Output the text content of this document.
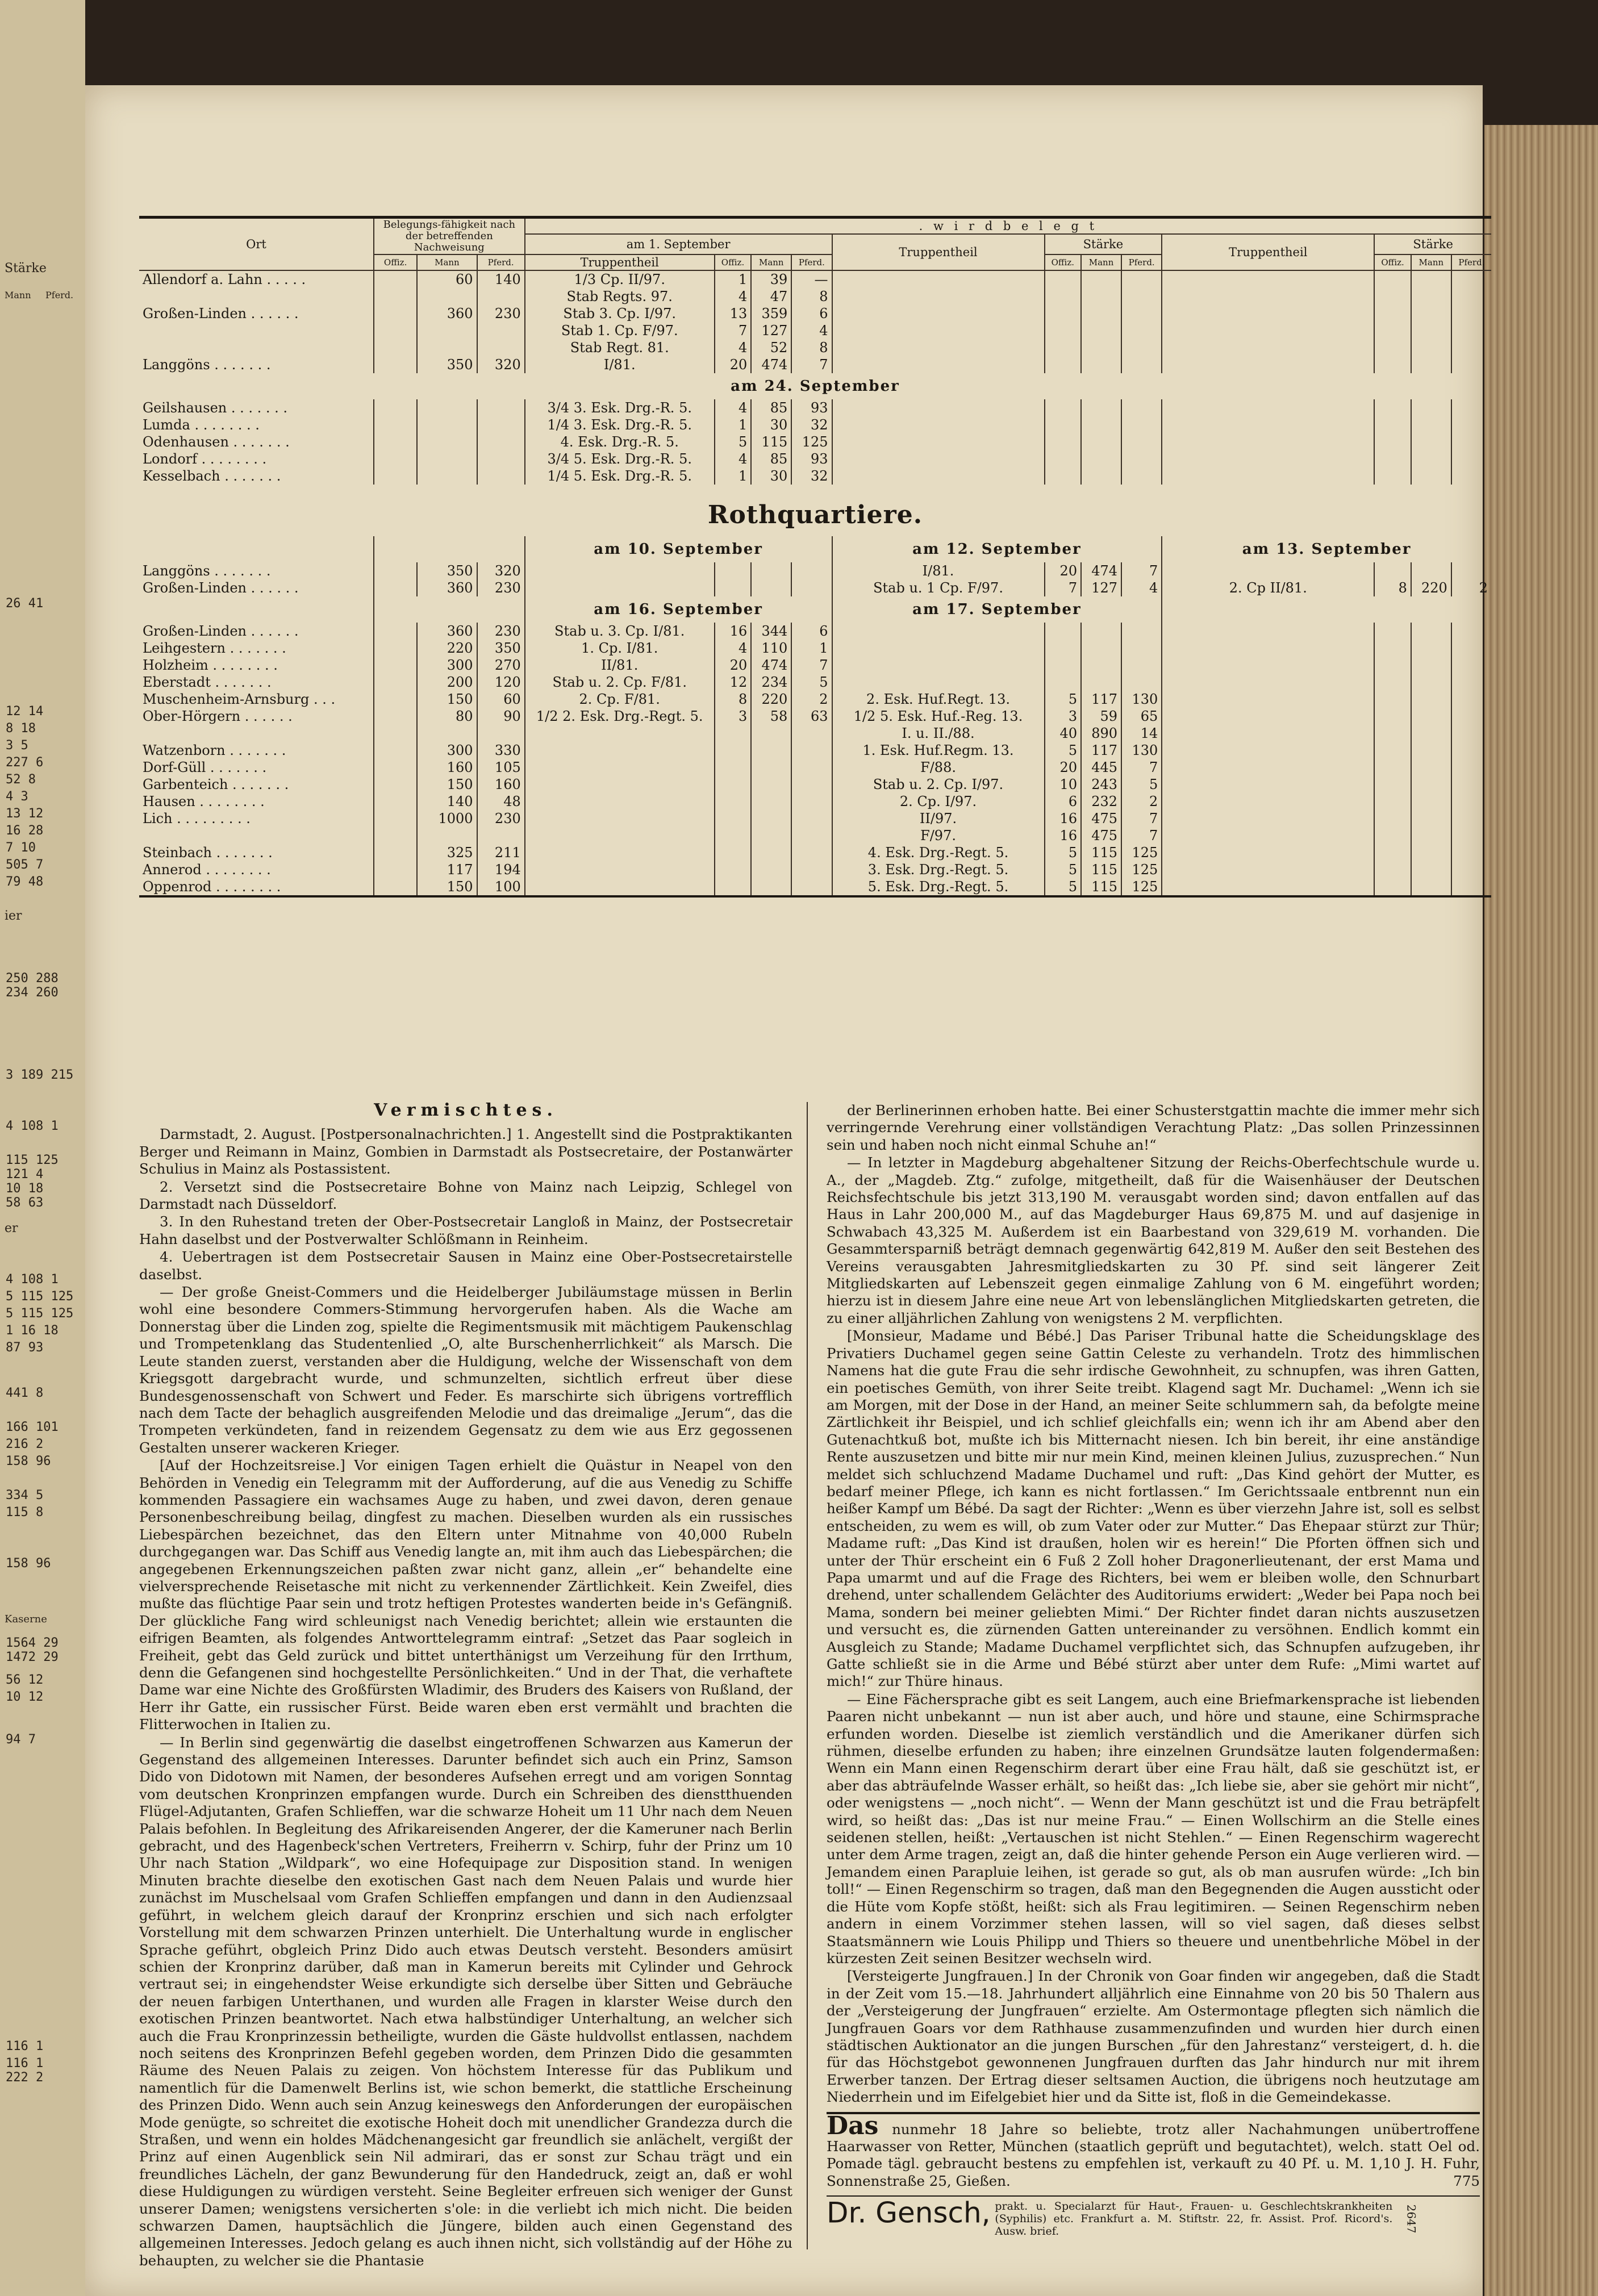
Stärke
Mann Pferd.
ier
er
Kaserne
26 41
12 14
8 18
3 5
227 6
52 8
4 3
13 12
16 28
7 10
505 7
79 48
250 288
234 260
3 189 215
4 108 1
115 125
121 4
10 18
58 63
4 108 1
5 115 125
5 115 125
1 16 18
87 93
441 8
166 101
216 2
158 96
334 5
115 8
158 96
1564 29
1472 29
56 12
10 12
94 7
116 1
116 1
222 2
Ort	Belegungs-fähigkeit nach der betreffenden Nachweisung			. w i r d b e l e g t											
				am 1. September				Truppentheil	Stärke			Truppentheil	Stärke		
	Offiz.	Mann	Pferd.	Truppentheil	Offiz.	Mann	Pferd.		Offiz.	Mann	Pferd.		Offiz.	Mann	Pferd.
Allendorf a. Lahn . . . . .		60	140	1/3 Cp. II/97.	1	39	—								
				Stab Regts. 97.	4	47	8								
Großen-Linden . . . . . .		360	230	Stab 3. Cp. I/97.	13	359	6								
				Stab 1. Cp. F/97.	7	127	4								
				Stab Regt. 81.	4	52	8								
Langgöns . . . . . . .		350	320	I/81.	20	474	7								
am 24. September															
Geilshausen . . . . . . .				3/4 3. Esk. Drg.-R. 5.	4	85	93								
Lumda . . . . . . . .				1/4 3. Esk. Drg.-R. 5.	1	30	32								
Odenhausen . . . . . . .				4. Esk. Drg.-R. 5.	5	115	125								
Londorf . . . . . . . .				3/4 5. Esk. Drg.-R. 5.	4	85	93								
Kesselbach . . . . . . .				1/4 5. Esk. Drg.-R. 5.	1	30	32								
Rothquartiere.															
				am 10. September				am 12. September				am 13. September			
Langgöns . . . . . . .		350	320					I/81.	20	474	7				
Großen-Linden . . . . . .		360	230					Stab u. 1 Cp. F/97.	7	127	4	2. Cp II/81.	8	220	2
				am 16. September				am 17. September							
Großen-Linden . . . . . .		360	230	Stab u. 3. Cp. I/81.	16	344	6								
Leihgestern . . . . . . .		220	350	1. Cp. I/81.	4	110	1								
Holzheim . . . . . . . .		300	270	II/81.	20	474	7								
Eberstadt . . . . . . .		200	120	Stab u. 2. Cp. F/81.	12	234	5								
Muschenheim-Arnsburg . . .		150	60	2. Cp. F/81.	8	220	2	2. Esk. Huf.Regt. 13.	5	117	130				
Ober-Hörgern . . . . . .		80	90	1/2 2. Esk. Drg.-Regt. 5.	3	58	63	1/2 5. Esk. Huf.-Reg. 13.	3	59	65				
								I. u. II./88.	40	890	14				
Watzenborn . . . . . . .		300	330					1. Esk. Huf.Regm. 13.	5	117	130				
Dorf-Güll . . . . . . .		160	105					F/88.	20	445	7				
Garbenteich . . . . . . .		150	160					Stab u. 2. Cp. I/97.	10	243	5				
Hausen . . . . . . . .		140	48					2. Cp. I/97.	6	232	2				
Lich . . . . . . . . .		1000	230					II/97.	16	475	7				
								F/97.	16	475	7				
Steinbach . . . . . . .		325	211					4. Esk. Drg.-Regt. 5.	5	115	125				
Annerod . . . . . . . .		117	194					3. Esk. Drg.-Regt. 5.	5	115	125				
Oppenrod . . . . . . . .		150	100					5. Esk. Drg.-Regt. 5.	5	115	125				
Vermischtes.

Darmstadt, 2. August. [Postpersonalnachrichten.] 1. Angestellt sind die Postpraktikanten Berger und Reimann in Mainz, Gombien in Darmstadt als Postsecretaire, der Postanwärter Schulius in Mainz als Postassistent.

2. Versetzt sind die Postsecretaire Bohne von Mainz nach Leipzig, Schlegel von Darmstadt nach Düsseldorf.

3. In den Ruhestand treten der Ober-Postsecretair Langloß in Mainz, der Postsecretair Hahn daselbst und der Postverwalter Schlößmann in Reinheim.

4. Uebertragen ist dem Postsecretair Sausen in Mainz eine Ober-Postsecretairstelle daselbst.

— Der große Gneist-Commers und die Heidelberger Jubiläumstage müssen in Berlin wohl eine besondere Commers-Stimmung hervorgerufen haben. Als die Wache am Donnerstag über die Linden zog, spielte die Regimentsmusik mit mächtigem Paukenschlag und Trompetenklang das Studentenlied „O, alte Burschenherrlichkeit“ als Marsch. Die Leute standen zuerst, verstanden aber die Huldigung, welche der Wissenschaft von dem Kriegsgott dargebracht wurde, und schmunzelten, sichtlich erfreut über diese Bundesgenossenschaft von Schwert und Feder. Es marschirte sich übrigens vortrefflich nach dem Tacte der behaglich ausgreifenden Melodie und das dreimalige „Jerum“, das die Trompeten verkündeten, fand in reizendem Gegensatz zu dem wie aus Erz gegossenen Gestalten unserer wackeren Krieger.

[Auf der Hochzeitsreise.] Vor einigen Tagen erhielt die Quästur in Neapel von den Behörden in Venedig ein Telegramm mit der Aufforderung, auf die aus Venedig zu Schiffe kommenden Passagiere ein wachsames Auge zu haben, und zwei davon, deren genaue Personenbeschreibung beilag, dingfest zu machen. Dieselben wurden als ein russisches Liebespärchen bezeichnet, das den Eltern unter Mitnahme von 40,000 Rubeln durchgegangen war. Das Schiff aus Venedig langte an, mit ihm auch das Liebespärchen; die angegebenen Erkennungszeichen paßten zwar nicht ganz, allein „er“ behandelte eine vielversprechende Reisetasche mit nicht zu verkennender Zärtlichkeit. Kein Zweifel, dies mußte das flüchtige Paar sein und trotz heftigen Protestes wanderten beide in's Gefängniß. Der glückliche Fang wird schleunigst nach Venedig berichtet; allein wie erstaunten die eifrigen Beamten, als folgendes Antworttelegramm eintraf: „Setzet das Paar sogleich in Freiheit, gebt das Geld zurück und bittet unterthänigst um Verzeihung für den Irrthum, denn die Gefangenen sind hochgestellte Persönlichkeiten.“ Und in der That, die verhaftete Dame war eine Nichte des Großfürsten Wladimir, des Bruders des Kaisers von Rußland, der Herr ihr Gatte, ein russischer Fürst. Beide waren eben erst vermählt und brachten die Flitterwochen in Italien zu.

— In Berlin sind gegenwärtig die daselbst eingetroffenen Schwarzen aus Kamerun der Gegenstand des allgemeinen Interesses. Darunter befindet sich auch ein Prinz, Samson Dido von Didotown mit Namen, der besonderes Aufsehen erregt und am vorigen Sonntag vom deutschen Kronprinzen empfangen wurde. Durch ein Schreiben des dienstthuenden Flügel-Adjutanten, Grafen Schlieffen, war die schwarze Hoheit um 11 Uhr nach dem Neuen Palais befohlen. In Begleitung des Afrikareisenden Angerer, der die Kameruner nach Berlin gebracht, und des Hagenbeck'schen Vertreters, Freiherrn v. Schirp, fuhr der Prinz um 10 Uhr nach Station „Wildpark“, wo eine Hofequipage zur Disposition stand. In wenigen Minuten brachte dieselbe den exotischen Gast nach dem Neuen Palais und wurde hier zunächst im Muschelsaal vom Grafen Schlieffen empfangen und dann in den Audienzsaal geführt, in welchem gleich darauf der Kronprinz erschien und sich nach erfolgter Vorstellung mit dem schwarzen Prinzen unterhielt. Die Unterhaltung wurde in englischer Sprache geführt, obgleich Prinz Dido auch etwas Deutsch versteht. Besonders amüsirt schien der Kronprinz darüber, daß man in Kamerun bereits mit Cylinder und Gehrock vertraut sei; in eingehendster Weise erkundigte sich derselbe über Sitten und Gebräuche der neuen farbigen Unterthanen, und wurden alle Fragen in klarster Weise durch den exotischen Prinzen beantwortet. Nach etwa halbstündiger Unterhaltung, an welcher sich auch die Frau Kronprinzessin betheiligte, wurden die Gäste huldvollst entlassen, nachdem noch seitens des Kronprinzen Befehl gegeben worden, dem Prinzen Dido die gesammten Räume des Neuen Palais zu zeigen. Von höchstem Interesse für das Publikum und namentlich für die Damenwelt Berlins ist, wie schon bemerkt, die stattliche Erscheinung des Prinzen Dido. Wenn auch sein Anzug keineswegs den Anforderungen der europäischen Mode genügte, so schreitet die exotische Hoheit doch mit unendlicher Grandezza durch die Straßen, und wenn ein holdes Mädchenangesicht gar freundlich sie anlächelt, vergißt der Prinz auf einen Augenblick sein Nil admirari, das er sonst zur Schau trägt und ein freundliches Lächeln, der ganz Bewunderung für den Handedruck, zeigt an, daß er wohl diese Huldigungen zu würdigen versteht. Seine Begleiter erfreuen sich weniger der Gunst unserer Damen; wenigstens versicherten s'ole: in die verliebt ich mich nicht. Die beiden schwarzen Damen, hauptsächlich die Jüngere, bilden auch einen Gegenstand des allgemeinen Interesses. Jedoch gelang es auch ihnen nicht, sich vollständig auf der Höhe zu behaupten, zu welcher sie die Phantasie

der Berlinerinnen erhoben hatte. Bei einer Schusterstgattin machte die immer mehr sich verringernde Verehrung einer vollständigen Verachtung Platz: „Das sollen Prinzessinnen sein und haben noch nicht einmal Schuhe an!“

— In letzter in Magdeburg abgehaltener Sitzung der Reichs-Oberfechtschule wurde u. A., der „Magdeb. Ztg.“ zufolge, mitgetheilt, daß für die Waisenhäuser der Deutschen Reichsfechtschule bis jetzt 313,190 M. verausgabt worden sind; davon entfallen auf das Haus in Lahr 200,000 M., auf das Magdeburger Haus 69,875 M. und auf dasjenige in Schwabach 43,325 M. Außerdem ist ein Baarbestand von 329,619 M. vorhanden. Die Gesammtersparniß beträgt demnach gegenwärtig 642,819 M. Außer den seit Bestehen des Vereins verausgabten Jahresmitgliedskarten zu 30 Pf. sind seit längerer Zeit Mitgliedskarten auf Lebenszeit gegen einmalige Zahlung von 6 M. eingeführt worden; hierzu ist in diesem Jahre eine neue Art von lebenslänglichen Mitgliedskarten getreten, die zu einer alljährlichen Zahlung von wenigstens 2 M. verpflichten.

[Monsieur, Madame und Bébé.] Das Pariser Tribunal hatte die Scheidungsklage des Privatiers Duchamel gegen seine Gattin Celeste zu verhandeln. Trotz des himmlischen Namens hat die gute Frau die sehr irdische Gewohnheit, zu schnupfen, was ihren Gatten, ein poetisches Gemüth, von ihrer Seite treibt. Klagend sagt Mr. Duchamel: „Wenn ich sie am Morgen, mit der Dose in der Hand, an meiner Seite schlummern sah, da befolgte meine Zärtlichkeit ihr Beispiel, und ich schlief gleichfalls ein; wenn ich ihr am Abend aber den Gutenachtkuß bot, mußte ich bis Mitternacht niesen. Ich bin bereit, ihr eine anständige Rente auszusetzen und bitte mir nur mein Kind, meinen kleinen Julius, zuzusprechen.“ Nun meldet sich schluchzend Madame Duchamel und ruft: „Das Kind gehört der Mutter, es bedarf meiner Pflege, ich kann es nicht fortlassen.“ Im Gerichtssaale entbrennt nun ein heißer Kampf um Bébé. Da sagt der Richter: „Wenn es über vierzehn Jahre ist, soll es selbst entscheiden, zu wem es will, ob zum Vater oder zur Mutter.“ Das Ehepaar stürzt zur Thür; Madame ruft: „Das Kind ist draußen, holen wir es herein!“ Die Pforten öffnen sich und unter der Thür erscheint ein 6 Fuß 2 Zoll hoher Dragonerlieutenant, der erst Mama und Papa umarmt und auf die Frage des Richters, bei wem er bleiben wolle, den Schnurbart drehend, unter schallendem Gelächter des Auditoriums erwidert: „Weder bei Papa noch bei Mama, sondern bei meiner geliebten Mimi.“ Der Richter findet daran nichts auszusetzen und versucht es, die zürnenden Gatten untereinander zu versöhnen. Endlich kommt ein Ausgleich zu Stande; Madame Duchamel verpflichtet sich, das Schnupfen aufzugeben, ihr Gatte schließt sie in die Arme und Bébé stürzt aber unter dem Rufe: „Mimi wartet auf mich!“ zur Thüre hinaus.

— Eine Fächersprache gibt es seit Langem, auch eine Briefmarkensprache ist liebenden Paaren nicht unbekannt — nun ist aber auch, und höre und staune, eine Schirmsprache erfunden worden. Dieselbe ist ziemlich verständlich und die Amerikaner dürfen sich rühmen, dieselbe erfunden zu haben; ihre einzelnen Grundsätze lauten folgendermaßen: Wenn ein Mann einen Regenschirm derart über eine Frau hält, daß sie geschützt ist, er aber das abträufelnde Wasser erhält, so heißt das: „Ich liebe sie, aber sie gehört mir nicht“, oder wenigstens — „noch nicht“. — Wenn der Mann geschützt ist und die Frau beträpfelt wird, so heißt das: „Das ist nur meine Frau.“ — Einen Wollschirm an die Stelle eines seidenen stellen, heißt: „Vertauschen ist nicht Stehlen.“ — Einen Regenschirm wagerecht unter dem Arme tragen, zeigt an, daß die hinter gehende Person ein Auge verlieren wird. — Jemandem einen Parapluie leihen, ist gerade so gut, als ob man ausrufen würde: „Ich bin toll!“ — Einen Regenschirm so tragen, daß man den Begegnenden die Augen aussticht oder die Hüte vom Kopfe stößt, heißt: sich als Frau legitimiren. — Seinen Regenschirm neben andern in einem Vorzimmer stehen lassen, will so viel sagen, daß dieses selbst Staatsmännern wie Louis Philipp und Thiers so theuere und unentbehrliche Möbel in der kürzesten Zeit seinen Besitzer wechseln wird.

[Versteigerte Jungfrauen.] In der Chronik von Goar finden wir angegeben, daß die Stadt in der Zeit vom 15.—18. Jahrhundert alljährlich eine Einnahme von 20 bis 50 Thalern aus der „Versteigerung der Jungfrauen“ erzielte. Am Ostermontage pflegten sich nämlich die Jungfrauen Goars vor dem Rathhause zusammenzufinden und wurden hier durch einen städtischen Auktionator an die jungen Burschen „für den Jahrestanz“ versteigert, d. h. die für das Höchstgebot gewonnenen Jungfrauen durften das Jahr hindurch nur mit ihrem Erwerber tanzen. Der Ertrag dieser seltsamen Auction, die übrigens noch heutzutage am Niederrhein und im Eifelgebiet hier und da Sitte ist, floß in die Gemeindekasse.

Das nunmehr 18 Jahre so beliebte, trotz aller Nachahmungen unübertroffene Haarwasser von Retter, München (staatlich geprüft und begutachtet), welch. statt Oel od. Pomade tägl. gebraucht bestens zu empfehlen ist, verkauft zu 40 Pf. u. M. 1,10 J. H. Fuhr, Sonnenstraße 25, Gießen.	775
Dr. Gensch, prakt. u. Specialarzt für Haut-, Frauen- u. Geschlechtskrankheiten (Syphilis) etc. Frankfurt a. M. Stiftstr. 22, fr. Assist. Prof. Ricord's. Ausw. brief.	2647
